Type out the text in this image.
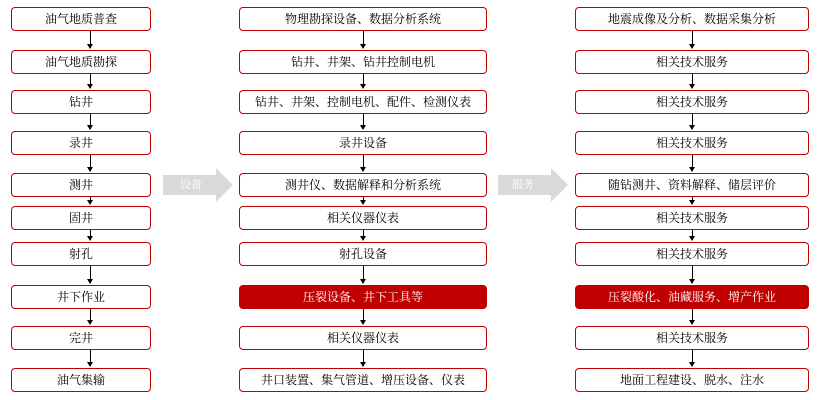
油气地质普查
油气地质勘探
钻井
录井
测井
固井
射孔
井下作业
完井
油气集输
设备
物理勘探设备、数据分析系统
钻井、井架、钻井控制电机
钻井、井架、控制电机、配件、检测仪表
录井设备
测井仪、数据解释和分析系统
相关仪器仪表
射孔设备
压裂设备、井下工具等
相关仪器仪表
井口装置、集气管道、增压设备、仪表
服务
地震成像及分析、数据采集分析
相关技术服务
相关技术服务
相关技术服务
随钻测井、资料解释、储层评价
相关技术服务
相关技术服务
压裂酸化、油藏服务、增产作业
相关技术服务
地面工程建设、脱水、注水
